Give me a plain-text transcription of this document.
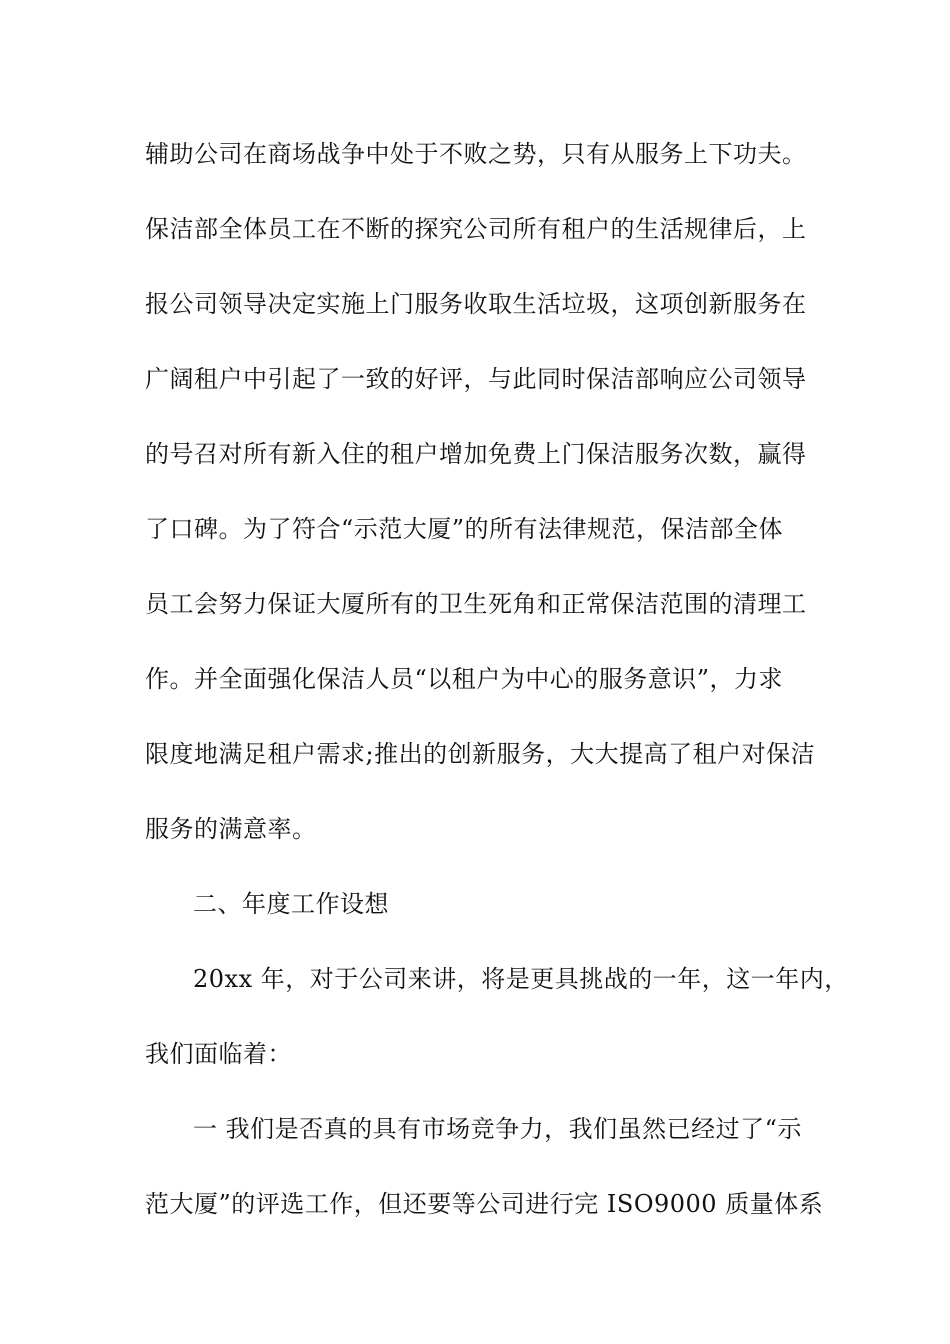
辅助公司在商场战争中处于不败之势，只有从服务上下功夫。
保洁部全体员工在不断的探究公司所有租户的生活规律后，上
报公司领导决定实施上门服务收取生活垃圾，这项创新服务在
广阔租户中引起了一致的好评，与此同时保洁部响应公司领导
的号召对所有新入住的租户增加免费上门保洁服务次数，赢得
了口碑。为了符合“示范大厦”的所有法律规范，保洁部全体
员工会努力保证大厦所有的卫生死角和正常保洁范围的清理工
作。并全面强化保洁人员“以租户为中心的服务意识”，力求
限度地满足租户需求;推出的创新服务，大大提高了租户对保洁
服务的满意率。
二、年度工作设想
20xx 年，对于公司来讲，将是更具挑战的一年，这一年内，
我们面临着：
一 我们是否真的具有市场竞争力，我们虽然已经过了“示
范大厦”的评选工作，但还要等公司进行完 ISO9000 质量体系
